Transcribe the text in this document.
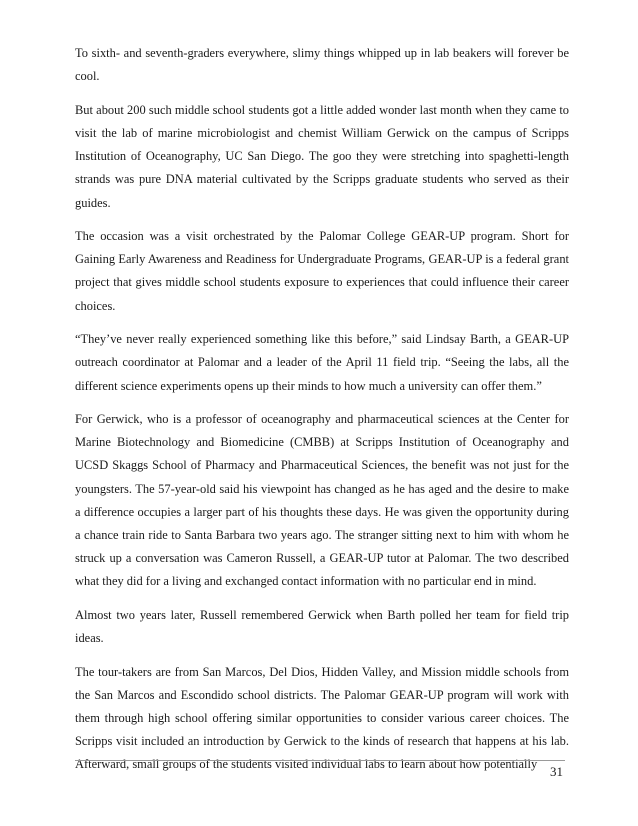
To sixth- and seventh-graders everywhere, slimy things whipped up in lab beakers will forever be cool.

But about 200 such middle school students got a little added wonder last month when they came to visit the lab of marine microbiologist and chemist William Gerwick on the campus of Scripps Institution of Oceanography, UC San Diego. The goo they were stretching into spaghetti-length strands was pure DNA material cultivated by the Scripps graduate students who served as their guides.

The occasion was a visit orchestrated by the Palomar College GEAR-UP program. Short for Gaining Early Awareness and Readiness for Undergraduate Programs, GEAR-UP is a federal grant project that gives middle school students exposure to experiences that could influence their career choices.

“They’ve never really experienced something like this before,” said Lindsay Barth, a GEAR-UP outreach coordinator at Palomar and a leader of the April 11 field trip. “Seeing the labs, all the different science experiments opens up their minds to how much a university can offer them.”

For Gerwick, who is a professor of oceanography and pharmaceutical sciences at the Center for Marine Biotechnology and Biomedicine (CMBB) at Scripps Institution of Oceanography and UCSD Skaggs School of Pharmacy and Pharmaceutical Sciences, the benefit was not just for the youngsters. The 57-year-old said his viewpoint has changed as he has aged and the desire to make a difference occupies a larger part of his thoughts these days. He was given the opportunity during a chance train ride to Santa Barbara two years ago. The stranger sitting next to him with whom he struck up a conversation was Cameron Russell, a GEAR-UP tutor at Palomar. The two described what they did for a living and exchanged contact information with no particular end in mind.

Almost two years later, Russell remembered Gerwick when Barth polled her team for field trip ideas.

The tour-takers are from San Marcos, Del Dios, Hidden Valley, and Mission middle schools from the San Marcos and Escondido school districts. The Palomar GEAR-UP program will work with them through high school offering similar opportunities to consider various career choices. The Scripps visit included an introduction by Gerwick to the kinds of research that happens at his lab. Afterward, small groups of the students visited individual labs to learn about how potentially 31
